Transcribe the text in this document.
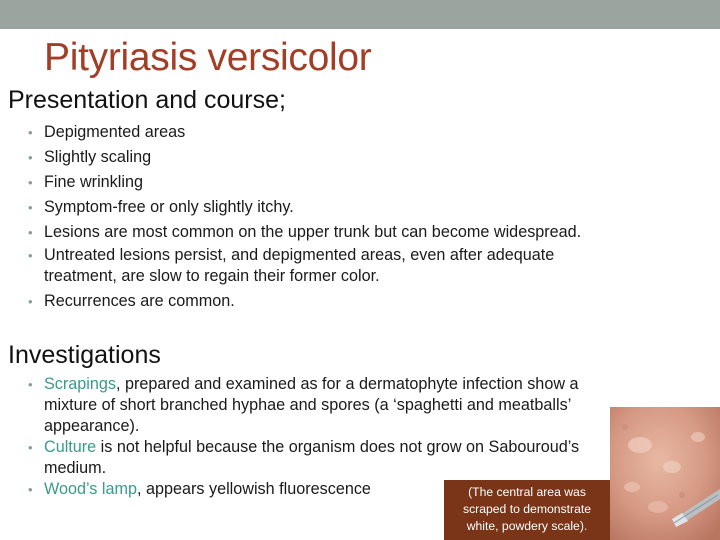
Pityriasis versicolor
Presentation and course;
• Depigmented areas
• Slightly scaling
• Fine wrinkling
• Symptom-free or only slightly itchy.
• Lesions are most common on the upper trunk but can become widespread.
• Untreated lesions persist, and depigmented areas, even after adequate treatment, are slow to regain their former color.
• Recurrences are common.
Investigations
• Scrapings, prepared and examined as for a dermatophyte infection show a mixture of short branched hyphae and spores (a ‘spaghetti and meatballs’ appearance).
• Culture is not helpful because the organism does not grow on Sabouroud’s medium.
• Wood’s lamp, appears yellowish fluorescence	(The central area was scraped to demonstrate white, powdery scale).
